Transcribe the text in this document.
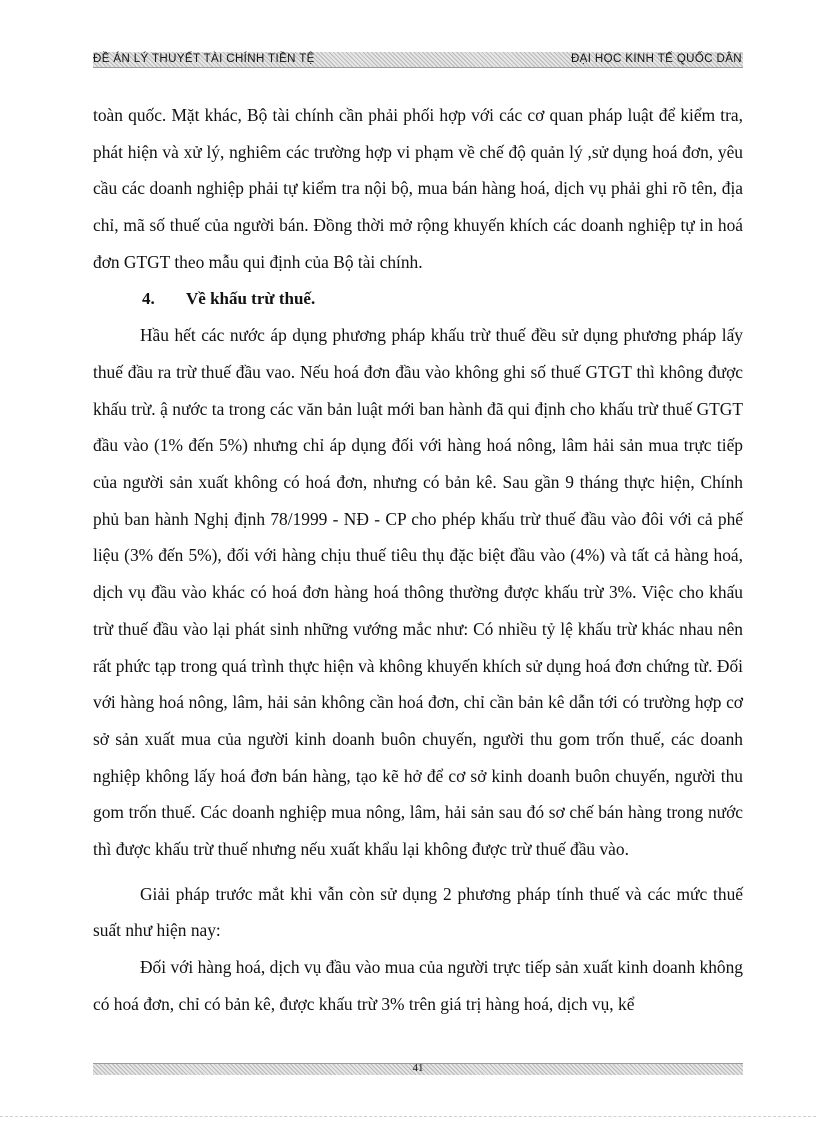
ĐỀ ÁN LÝ THUYẾT TÀI CHÍNH TIỀN TỆ	ĐẠI HỌC KINH TẾ QUỐC DÂN

toàn quốc. Mặt khác, Bộ tài chính cần phải phối hợp với các cơ quan pháp luật để kiểm tra, phát hiện và xử lý, nghiêm các trường hợp vi phạm về chế độ quản lý ,sử dụng hoá đơn, yêu cầu các doanh nghiệp phải tự kiểm tra nội bộ, mua bán hàng hoá, dịch vụ phải ghi rõ tên, địa chỉ, mã số thuế của người bán. Đồng thời mở rộng khuyến khích các doanh nghiệp tự in hoá đơn GTGT theo mẫu qui định của Bộ tài chính.

4. Về khấu trừ thuế.

Hầu hết các nước áp dụng phương pháp khấu trừ thuế đều sử dụng phương pháp lấy thuế đầu ra trừ thuế đầu vao. Nếu hoá đơn đầu vào không ghi số thuế GTGT thì không được khấu trừ. ậ nước ta trong các văn bản luật mới ban hành đã qui định cho khấu trừ thuế GTGT đầu vào (1% đến 5%) nhưng chỉ áp dụng đối với hàng hoá nông, lâm hải sản mua trực tiếp của người sản xuất không có hoá đơn, nhưng có bản kê. Sau gần 9 tháng thực hiện, Chính phủ ban hành Nghị định 78/1999 - NĐ - CP cho phép khấu trừ thuế đầu vào đôi với cả phế liệu (3% đến 5%), đối với hàng chịu thuế tiêu thụ đặc biệt đầu vào (4%) và tất cả hàng hoá, dịch vụ đầu vào khác có hoá đơn hàng hoá thông thường được khấu trừ 3%. Việc cho khấu trừ thuế đầu vào lại phát sinh những vướng mắc như: Có nhiều tỷ lệ khấu trừ khác nhau nên rất phức tạp trong quá trình thực hiện và không khuyến khích sử dụng hoá đơn chứng từ. Đối với hàng hoá nông, lâm, hải sản không cần hoá đơn, chỉ cần bản kê dẫn tới có trường hợp cơ sở sản xuất mua của người kinh doanh buôn chuyến, người thu gom trốn thuế, các doanh nghiệp không lấy hoá đơn bán hàng, tạo kẽ hở để cơ sở kinh doanh buôn chuyến, người thu gom trốn thuế. Các doanh nghiệp mua nông, lâm, hải sản sau đó sơ chế bán hàng trong nước thì được khấu trừ thuế nhưng nếu xuất khẩu lại không được trừ thuế đầu vào.

Giải pháp trước mắt khi vẫn còn sử dụng 2 phương pháp tính thuế và các mức thuế suất như hiện nay:

Đối với hàng hoá, dịch vụ đầu vào mua của người trực tiếp sản xuất kinh doanh không có hoá đơn, chỉ có bản kê, được khấu trừ 3% trên giá trị hàng hoá, dịch vụ, kể

41
